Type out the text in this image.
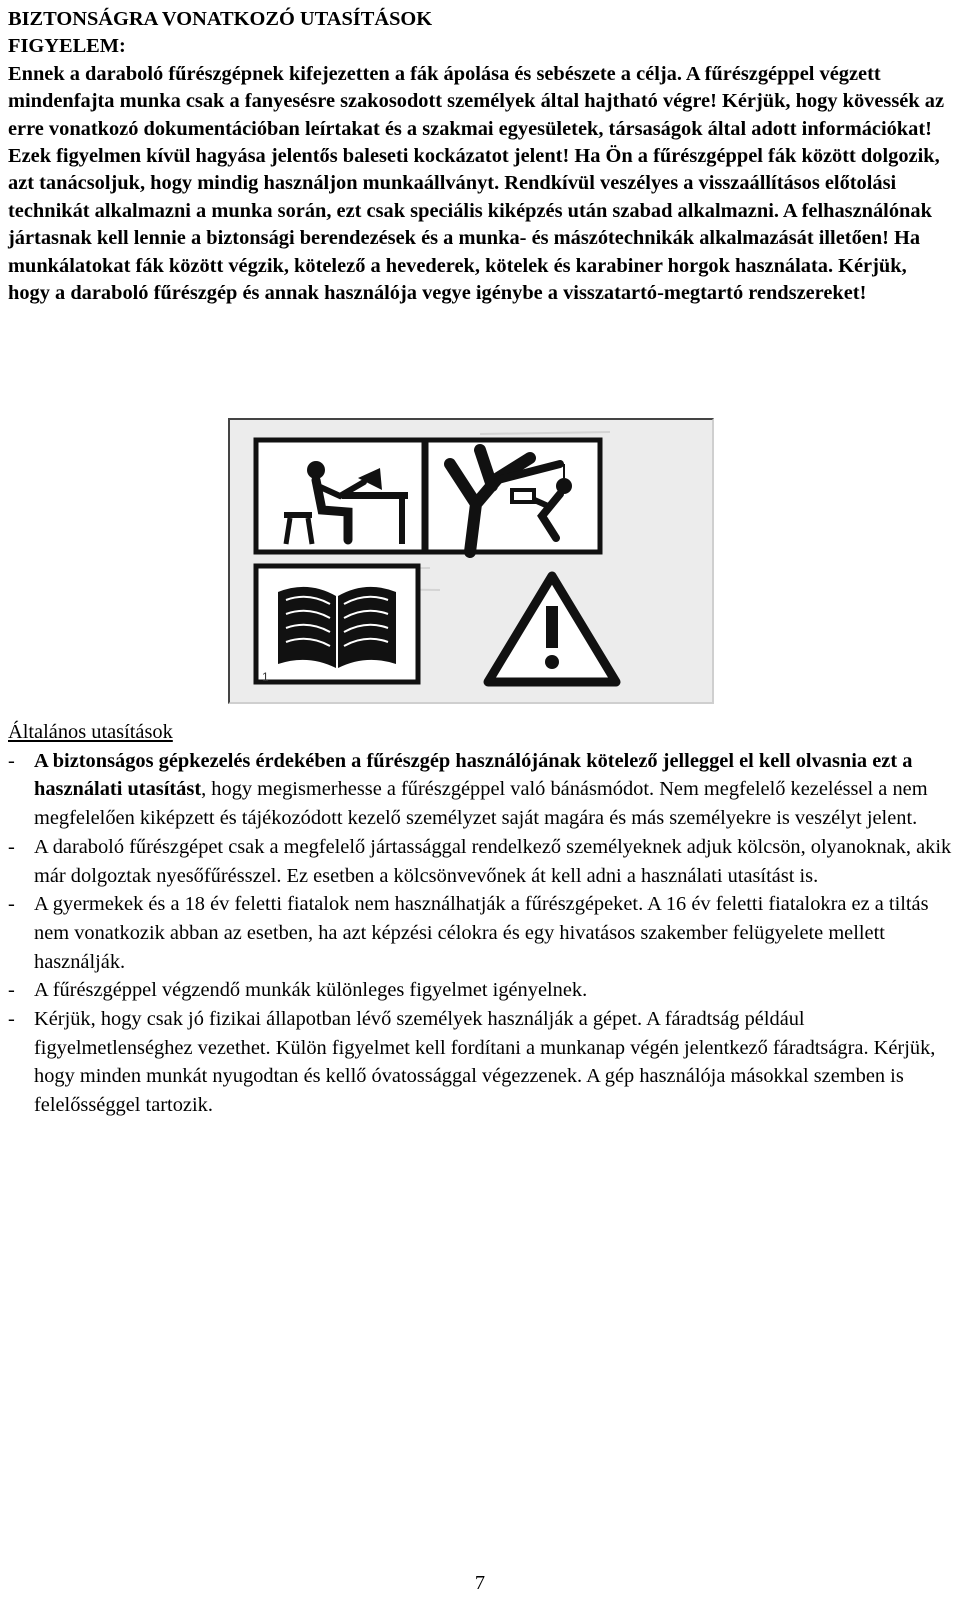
BIZTONSÁGRA VONATKOZÓ UTASÍTÁSOK
FIGYELEM:

Ennek a daraboló fűrészgépnek kifejezetten a fák ápolása és sebészete a célja. A fűrészgéppel végzett mindenfajta munka csak a fanyesésre szakosodott személyek által hajtható végre! Kérjük, hogy kövessék az erre vonatkozó dokumentációban leírtakat és a szakmai egyesületek, társaságok által adott információkat! Ezek figyelmen kívül hagyása jelentős baleseti kockázatot jelent! Ha Ön a fűrészgéppel fák között dolgozik, azt tanácsoljuk, hogy mindig használjon munkaállványt. Rendkívül veszélyes a visszaállításos előtolási technikát alkalmazni a munka során, ezt csak speciális kiképzés után szabad alkalmazni. A felhasználónak jártasnak kell lennie a biztonsági berendezések és a munka- és mászótechnikák alkalmazását illetően! Ha munkálatokat fák között végzik, kötelező a hevederek, kötelek és karabiner horgok használata. Kérjük, hogy a daraboló fűrészgép és annak használója vegye igénybe a visszatartó-megtartó rendszereket!

1
Általános utasítások
- A biztonságos gépkezelés érdekében a fűrészgép használójának kötelező jelleggel el kell olvasnia ezt a használati utasítást, hogy megismerhesse a fűrészgéppel való bánásmódot. Nem megfelelő kezeléssel a nem megfelelően kiképzett és tájékozódott kezelő személyzet saját magára és más személyekre is veszélyt jelent.
- A daraboló fűrészgépet csak a megfelelő jártassággal rendelkező személyeknek adjuk kölcsön, olyanoknak, akik már dolgoztak nyesőfűrésszel. Ez esetben a kölcsönvevőnek át kell adni a használati utasítást is.
- A gyermekek és a 18 év feletti fiatalok nem használhatják a fűrészgépeket. A 16 év feletti fiatalokra ez a tiltás nem vonatkozik abban az esetben, ha azt képzési célokra és egy hivatásos szakember felügyelete mellett használják.
- A fűrészgéppel végzendő munkák különleges figyelmet igényelnek.
- Kérjük, hogy csak jó fizikai állapotban lévő személyek használják a gépet. A fáradtság például figyelmetlenséghez vezethet. Külön figyelmet kell fordítani a munkanap végén jelentkező fáradtságra. Kérjük, hogy minden munkát nyugodtan és kellő óvatossággal végezzenek. A gép használója másokkal szemben is felelősséggel tartozik.
7
